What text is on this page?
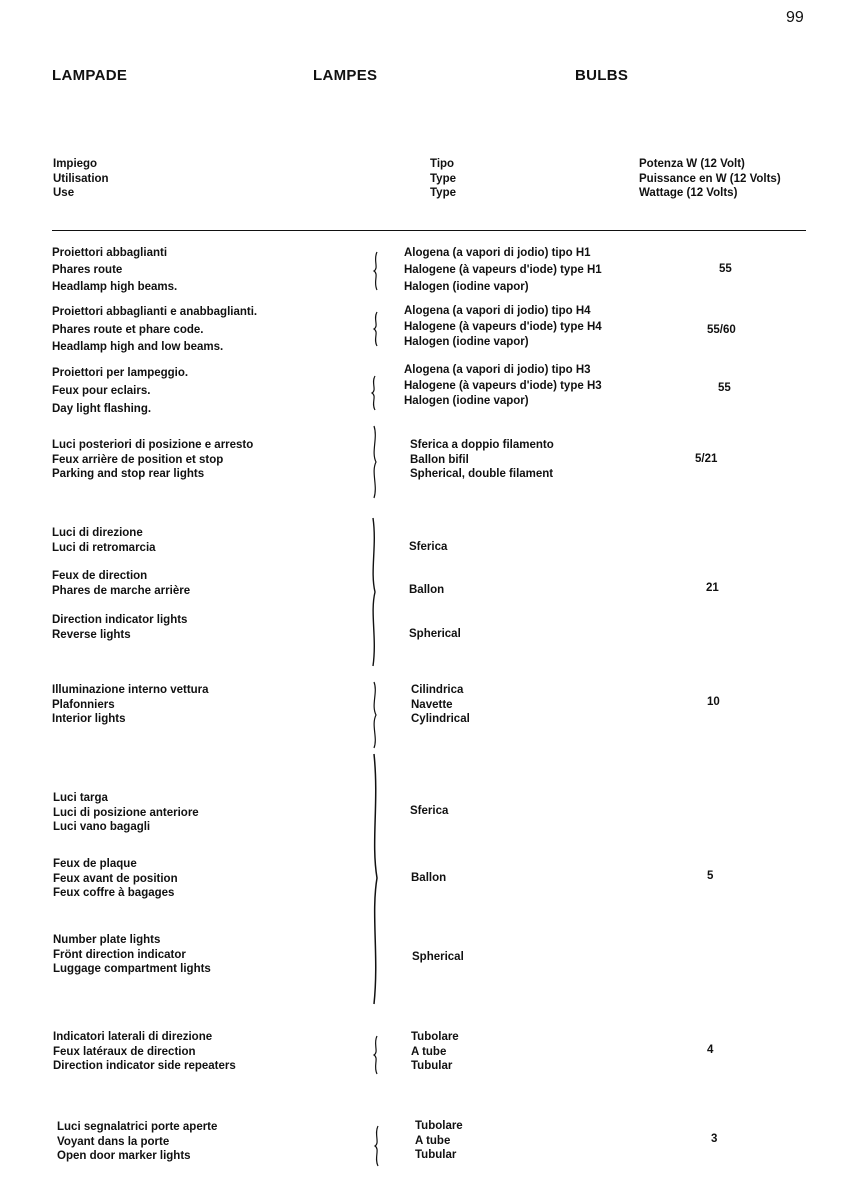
99
LAMPADE	LAMPES	BULBS
Impiego
Utilisation
Use
Tipo
Type
Type
Potenza W (12 Volt)
Puissance en W (12 Volts)
Wattage (12 Volts)
Proiettori abbaglianti
Phares route
Headlamp high beams.
Alogena (a vapori di jodio) tipo H1
Halogene (à vapeurs d'iode) type H1
Halogen (iodine vapor)
55
Proiettori abbaglianti e anabbaglianti.
Phares route et phare code.
Headlamp high and low beams.
Alogena (a vapori di jodio) tipo H4
Halogene (à vapeurs d'iode) type H4
Halogen (iodine vapor)
55/60
Proiettori per lampeggio.
Feux pour eclairs.
Day light flashing.
Alogena (a vapori di jodio) tipo H3
Halogene (à vapeurs d'iode) type H3
Halogen (iodine vapor)
55
Luci posteriori di posizione e arresto
Feux arrière de position et stop
Parking and stop rear lights
Sferica a doppio filamento
Ballon bifil
Spherical, double filament
5/21
Luci di direzione
Luci di retromarcia
Feux de direction
Phares de marche arrière
Direction indicator lights
Reverse lights
Sferica
Ballon
Spherical
21
Illuminazione interno vettura
Plafonniers
Interior lights
Cilindrica
Navette
Cylindrical
10
Luci targa
Luci di posizione anteriore
Luci vano bagagli
Feux de plaque
Feux avant de position
Feux coffre à bagages
Number plate lights
Frönt direction indicator
Luggage compartment lights
Sferica
Ballon
Spherical
5
Indicatori laterali di direzione
Feux latéraux de direction
Direction indicator side repeaters
Tubolare
A tube
Tubular
4
Luci segnalatrici porte aperte
Voyant dans la porte
Open door marker lights
Tubolare
A tube
Tubular
3
